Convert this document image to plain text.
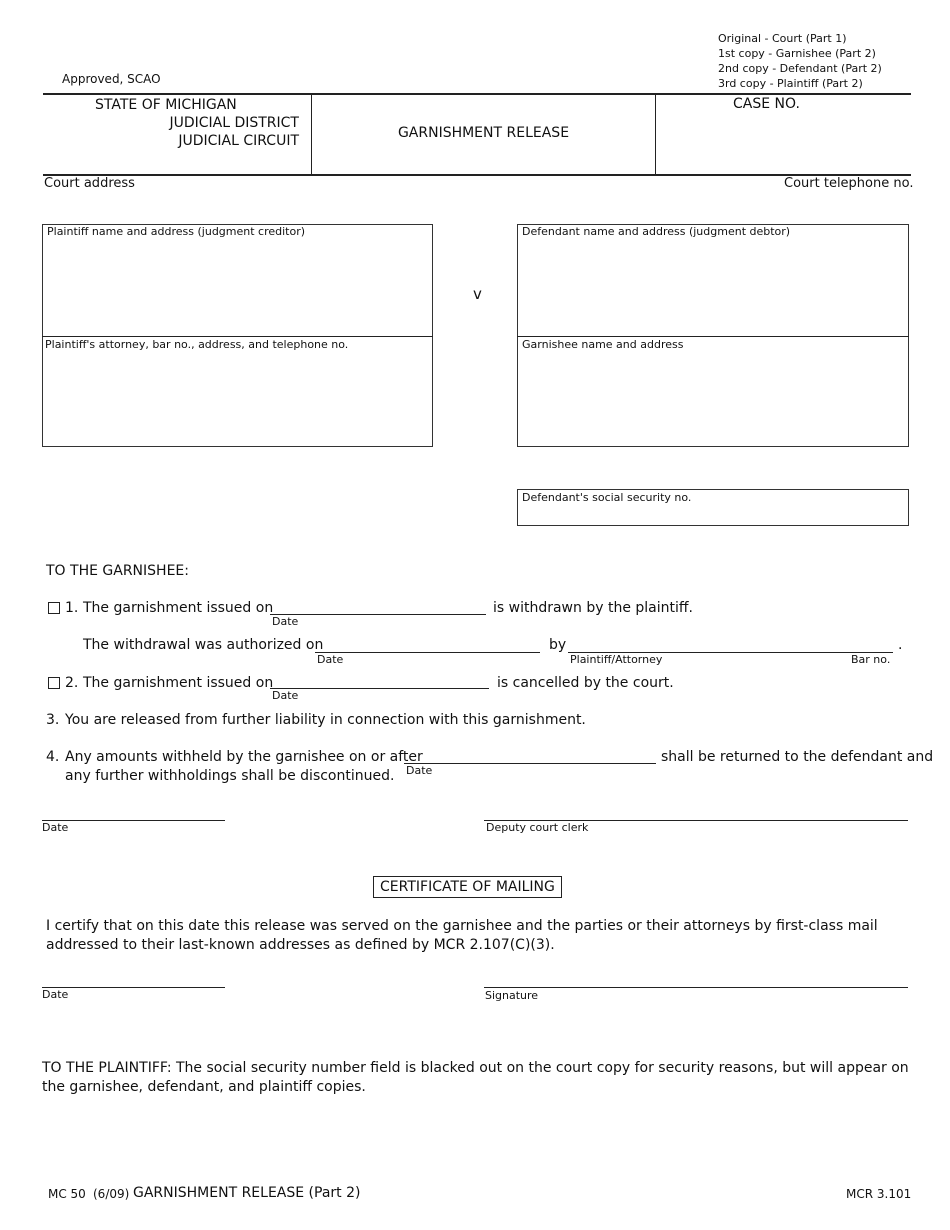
Approved, SCAO
Original - Court (Part 1)
1st copy - Garnishee (Part 2)
2nd copy - Defendant (Part 2)
3rd copy - Plaintiff (Part 2)
STATE OF MICHIGAN
JUDICIAL DISTRICT
JUDICIAL CIRCUIT	GARNISHMENT RELEASE
CASE NO.
Court address	Court telephone no.
Plaintiff name and address (judgment creditor)
Plaintiff's attorney, bar no., address, and telephone no.
v
Defendant name and address (judgment debtor)
Garnishee name and address
Defendant's social security no.
TO THE GARNISHEE:
1. The garnishment issued on
Date
is withdrawn by the plaintiff.
The withdrawal was authorized on
Date
by
Plaintiff/Attorney	Bar no.
.
2. The garnishment issued on
Date
is cancelled by the court.
3. You are released from further liability in connection with this garnishment.
4. Any amounts withheld by the garnishee on or after
Date
shall be returned to the defendant and
any further withholdings shall be discontinued.
Date	Deputy court clerk
CERTIFICATE OF MAILING
I certify that on this date this release was served on the garnishee and the parties or their attorneys by first-class mail addressed to their last-known addresses as defined by MCR 2.107(C)(3).
Date	Signature
TO THE PLAINTIFF: The social security number field is blacked out on the court copy for security reasons, but will appear on the garnishee, defendant, and plaintiff copies.
MC 50 (6/09) GARNISHMENT RELEASE (Part 2)	MCR 3.101
